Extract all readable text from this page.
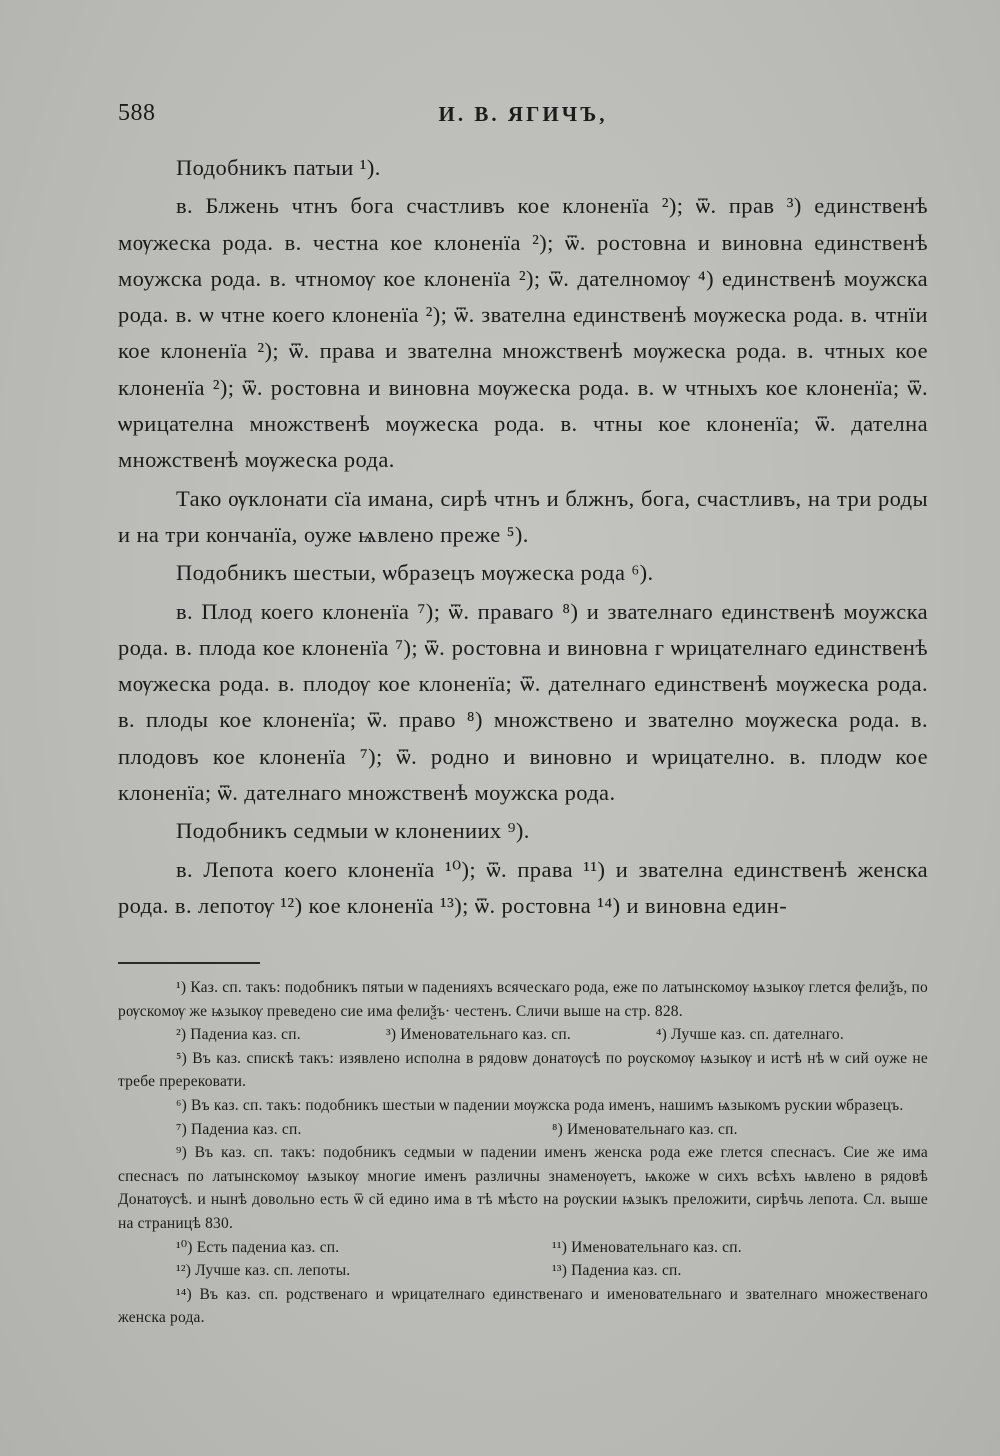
588	И. В. ЯГИЧЪ,

Подобникъ патыи ¹).

в. Блжень чтнъ бога счастливъ кое клоненїа ²); ѿ. прав ³) единственѣ мѹжеска рода. в. честна кое клоненїа ²); ѿ. ростовнa и виновна единственѣ моужcка рода. в. чтномѹ кое клоненїа ²); ѿ. дателномѹ ⁴) единственѣ моужска рода. в. ѡ чтне коего клоненїа ²); ѿ. звателна единственѣ мѹжеска рода. в. чтнїи кое клоненїа ²); ѿ. права и звателна множственѣ мѹжеска рода. в. чтных кое клоненїа ²); ѿ. ростовнa и виновна мѹжеска рода. в. ѡ чтныхъ кое клоненїа; ѿ. ѡрицателна множственѣ мѹжеска рода. в. чтны кое клоненїа; ѿ. дателна множственѣ мѹжеска рода.

Тако ѹклонати сїа имана, сирѣ чтнъ и блжнъ, бога, счастливъ, на три роды и на три кончанїа, оуже ѩвлено преже ⁵).

Подобникъ шестыи, ѡбразецъ мѹжеска рода ⁶).

в. Плод коего клоненїа ⁷); ѿ. праваго ⁸) и звателнаго единственѣ моужcка рода. в. плода кое клоненїа ⁷); ѿ. ростовнa и виновна г ѡрицателнаго единственѣ мѹжеска рода. в. плодѹ кое клоненїа; ѿ. дателнаго единственѣ мѹжеска рода. в. плоды кое клоненїа; ѿ. право ⁸) множствено и звателно мѹжеска рода. в. плодовъ кое клоненїа ⁷); ѿ. родно и виновно и ѡрицателно. в. плодѡ кое клоненїа; ѿ. дателнаго множственѣ моужска рода.

Подобникъ седмыи ѡ клонениих ⁹).

в. Лепота коего клоненїа ¹⁰); ѿ. права ¹¹) и звателна единственѣ женска рода. в. лепотѹ ¹²) кое клоненїа ¹³); ѿ. ростовнa ¹⁴) и виновна един-

¹) Каз. сп. такъ: подобникъ пятыи ѡ паденияхъ всяческаго рода, еже по латынскомѹ ѩзыкѹ глется фелиѯъ, по рѹскомѹ же ѩзыкѹ преведено сие има фелиѯъ· честенъ. Сличи выше на стр. 828.
²) Падениа каз. сп.	³) Именовательнаго каз. сп.	⁴) Лучше каз. сп. дателнаго.
⁵) Въ каз. спискѣ такъ: изявлено исполна в рядовѡ донатѹсѣ по рѹскомѹ ѩзыкѹ и истѣ нѣ ѡ сий оуже не требе пререковати.
⁶) Въ каз. сп. такъ: подобникъ шестыи ѡ падении мѹжска рода именъ, нашимъ ѩзыкомъ рускии ѡбразецъ.
⁷) Падениа каз. сп.	⁸) Именовательнаго каз. сп.
⁹) Въ каз. сп. такъ: подобникъ седмыи ѡ падении именъ женска рода еже глется спеснасъ. Сие же има спеснасъ по латынскомѹ ѩзыкѹ многие именъ различны знаменѹетъ, ѩкоже ѡ сихъ всѣхъ ѩвлено в рядовѣ Донатѹсѣ. и нынѣ довольно есть ѿ сй едино има в тѣ мѣсто на рѹскии ѩзыкъ преложити, сирѣчь лепота. Сл. выше на страницѣ 830.
¹⁰) Есть падениа каз. сп.	¹¹) Именовательнаго каз. сп.
¹²) Лучше каз. сп. лепоты.	¹³) Падениа каз. сп.
¹⁴) Въ каз. сп. родственаго и ѡрицателнаго единственаго и именовательнаго и звателнаго множественаго женска рода.
